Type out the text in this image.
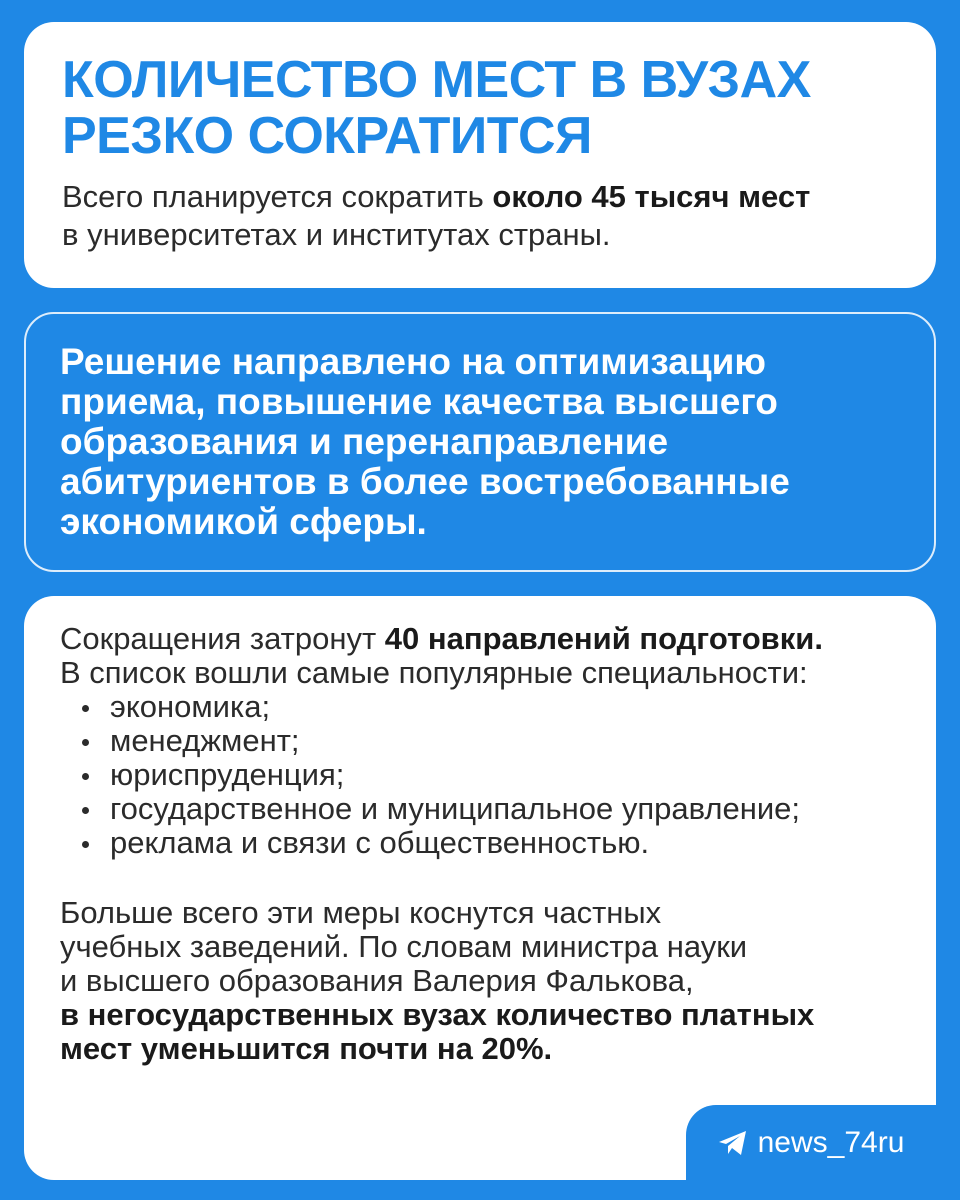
КОЛИЧЕСТВО МЕСТ В ВУЗАХ
РЕЗКО СОКРАТИТСЯ

Всего планируется сократить около 45 тысяч мест
в университетах и институтах страны.

Решение направлено на оптимизацию
приема, повышение качества высшего
образования и перенаправление
абитуриентов в более востребованные
экономикой сферы.

Сокращения затронут 40 направлений подготовки.
В список вошли самые популярные специальности:

экономика;
менеджмент;
юриспруденция;
государственное и муниципальное управление;
реклама и связи с общественностью.

Больше всего эти меры коснутся частных
учебных заведений. По словам министра науки
и высшего образования Валерия Фалькова,
в негосударственных вузах количество платных
мест уменьшится почти на 20%.

news_74ru
